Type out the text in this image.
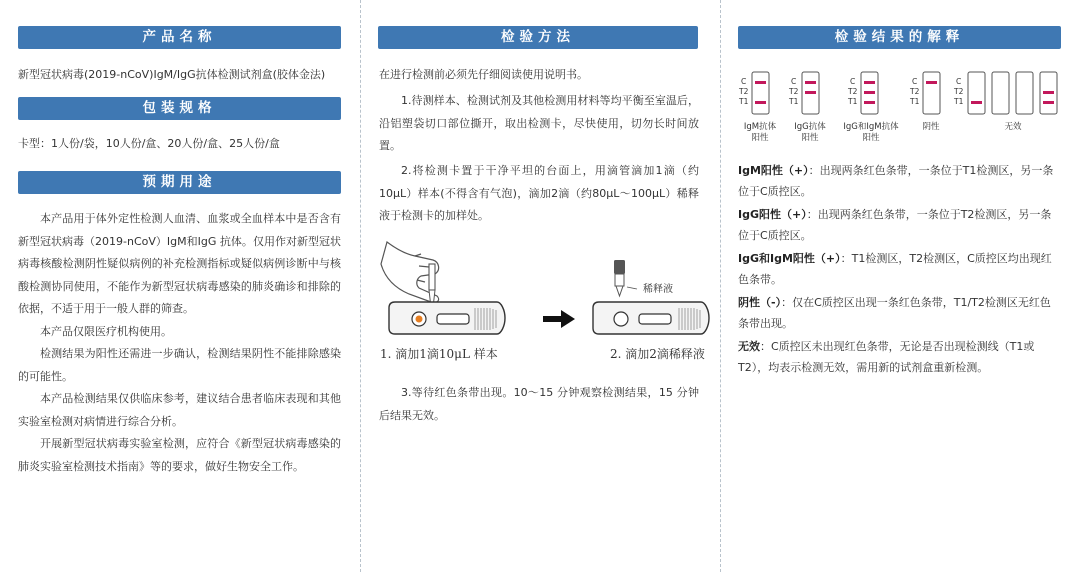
产品名称
新型冠状病毒(2019-nCoV)IgM/IgG抗体检测试剂盒(胶体金法)
包装规格
卡型：1人份/袋，10人份/盒、20人份/盒、25人份/盒
预期用途
本产品用于体外定性检测人血清、血浆或全血样本中是否含有新型冠状病毒（2019-nCoV）IgM和IgG 抗体。仅用作对新型冠状病毒核酸检测阴性疑似病例的补充检测指标或疑似病例诊断中与核酸检测协同使用，不能作为新型冠状病毒感染的肺炎确诊和排除的依据，不适于用于一般人群的筛查。
本产品仅限医疗机构使用。
检测结果为阳性还需进一步确认，检测结果阴性不能排除感染的可能性。
本产品检测结果仅供临床参考，建议结合患者临床表现和其他实验室检测对病情进行综合分析。
开展新型冠状病毒实验室检测，应符合《新型冠状病毒感染的肺炎实验室检测技术指南》等的要求，做好生物安全工作。
检验方法
在进行检测前必须先仔细阅读使用说明书。
1.待测样本、检测试剂及其他检测用材料等均平衡至室温后，沿铝塑袋切口部位撕开，取出检测卡，尽快使用，切勿长时间放置。
2.将检测卡置于干净平坦的台面上，用滴管滴加1滴（约10μL）样本(不得含有气泡)，滴加2滴（约80μL～100μL）稀释液于检测卡的加样处。
稀释液
1. 滴加1滴10μL 样本	2. 滴加2滴稀释液
3.等待红色条带出现。10～15 分钟观察检测结果，15 分钟后结果无效。
检验结果的解释
C
T2
T1
C
T2
T1
C
T2
T1
C
T2
T1
C
T2
T1
IgM抗体
阳性
IgG抗体
阳性
IgG和IgM抗体
阳性
阴性	无效
IgM阳性（+）：出现两条红色条带，一条位于T1检测区，另一条位于C质控区。
IgG阳性（+）：出现两条红色条带，一条位于T2检测区，另一条位于C质控区。
IgG和IgM阳性（+）：T1检测区，T2检测区，C质控区均出现红色条带。
阴性（-）：仅在C质控区出现一条红色条带，T1/T2检测区无红色条带出现。
无效：C质控区未出现红色条带，无论是否出现检测线（T1或T2），均表示检测无效，需用新的试剂盒重新检测。
